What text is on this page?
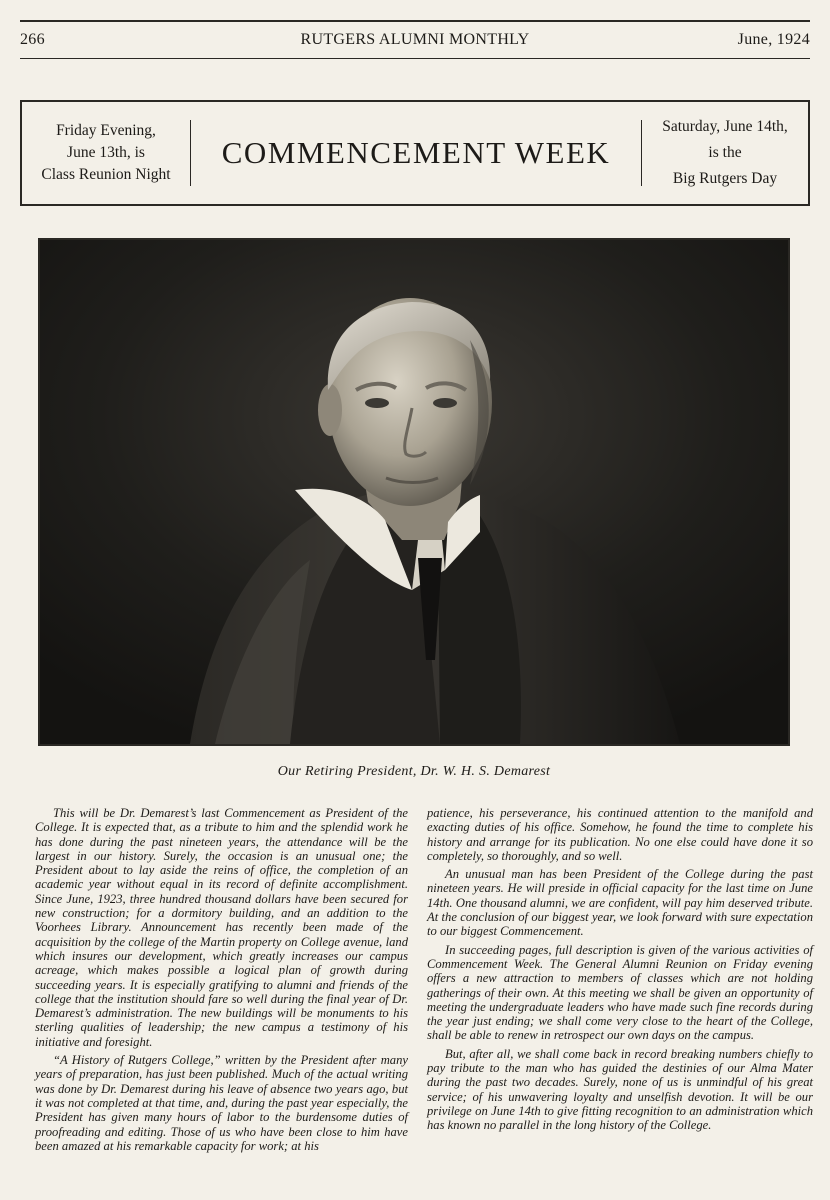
266	RUTGERS ALUMNI MONTHLY	June, 1924
Friday Evening,
June 13th, is
Class Reunion Night
COMMENCEMENT WEEK
Saturday, June 14th,
is the
Big Rutgers Day
Our Retiring President, Dr. W. H. S. Demarest

This will be Dr. Demarest’s last Commencement as President of the College. It is expected that, as a tribute to him and the splendid work he has done during the past nineteen years, the attendance will be the largest in our history. Surely, the occasion is an unusual one; the President about to lay aside the reins of office, the completion of an academic year without equal in its record of definite accomplishment. Since June, 1923, three hundred thousand dollars have been secured for new construction; for a dormitory building, and an addition to the Voorhees Library. Announcement has recently been made of the acquisition by the college of the Martin property on College avenue, land which insures our development, which greatly increases our campus acreage, which makes possible a logical plan of growth during succeeding years. It is especially gratifying to alumni and friends of the college that the institution should fare so well during the final year of Dr. Demarest’s administration. The new buildings will be monuments to his sterling qualities of leadership; the new campus a testimony of his initiative and foresight.

“A History of Rutgers College,” written by the President after many years of preparation, has just been published. Much of the actual writing was done by Dr. Demarest during his leave of absence two years ago, but it was not completed at that time, and, during the past year especially, the President has given many hours of labor to the burdensome duties of proofreading and editing. Those of us who have been close to him have been amazed at his remarkable capacity for work; at his

patience, his perseverance, his continued attention to the manifold and exacting duties of his office. Somehow, he found the time to complete his history and arrange for its publication. No one else could have done it so completely, so thoroughly, and so well.

An unusual man has been President of the College during the past nineteen years. He will preside in official capacity for the last time on June 14th. One thousand alumni, we are confident, will pay him deserved tribute. At the conclusion of our biggest year, we look forward with sure expectation to our biggest Commencement.

In succeeding pages, full description is given of the various activities of Commencement Week. The General Alumni Reunion on Friday evening offers a new attraction to members of classes which are not holding gatherings of their own. At this meeting we shall be given an opportunity of meeting the undergraduate leaders who have made such fine records during the year just ending; we shall come very close to the heart of the College, shall be able to renew in retrospect our own days on the campus.

But, after all, we shall come back in record breaking numbers chiefly to pay tribute to the man who has guided the destinies of our Alma Mater during the past two decades. Surely, none of us is unmindful of his great service; of his unwavering loyalty and unselfish devotion. It will be our privilege on June 14th to give fitting recognition to an administration which has known no parallel in the long history of the College.
